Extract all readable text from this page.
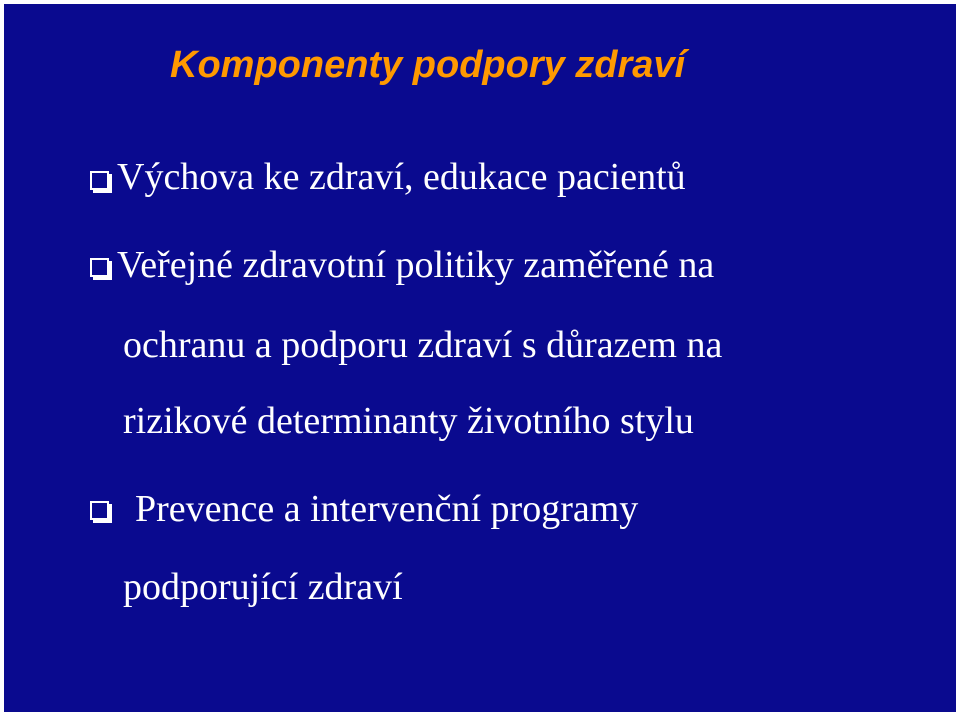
Komponenty podpory zdraví

Výchova ke zdraví, edukace pacientů

Veřejné zdravotní politiky zaměřené na

ochranu a podporu zdraví s důrazem na

rizikové determinanty životního stylu

Prevence a intervenční programy

podporující zdraví
